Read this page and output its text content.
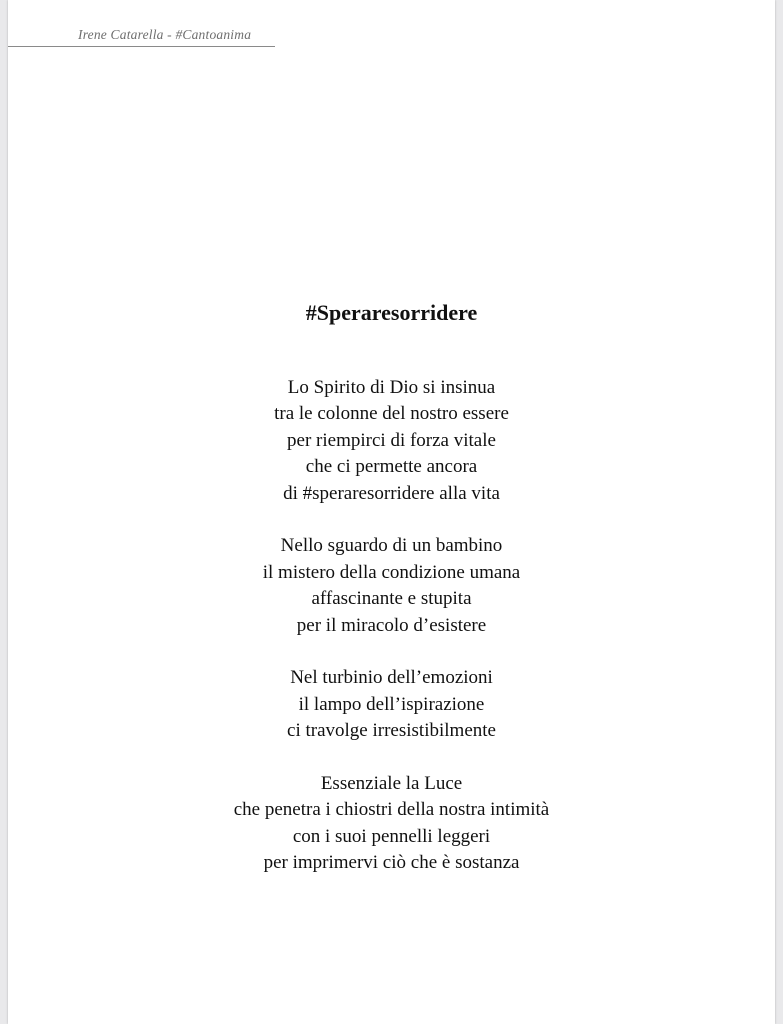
Irene Catarella - #Cantoanima
#Speraresorridere
Lo Spirito di Dio si insinua
tra le colonne del nostro essere
per riempirci di forza vitale
che ci permette ancora
di #speraresorridere alla vita
Nello sguardo di un bambino
il mistero della condizione umana
affascinante e stupita
per il miracolo d’esistere
Nel turbinio dell’emozioni
il lampo dell’ispirazione
ci travolge irresistibilmente
Essenziale la Luce
che penetra i chiostri della nostra intimità
con i suoi pennelli leggeri
per imprimervi ciò che è sostanza
